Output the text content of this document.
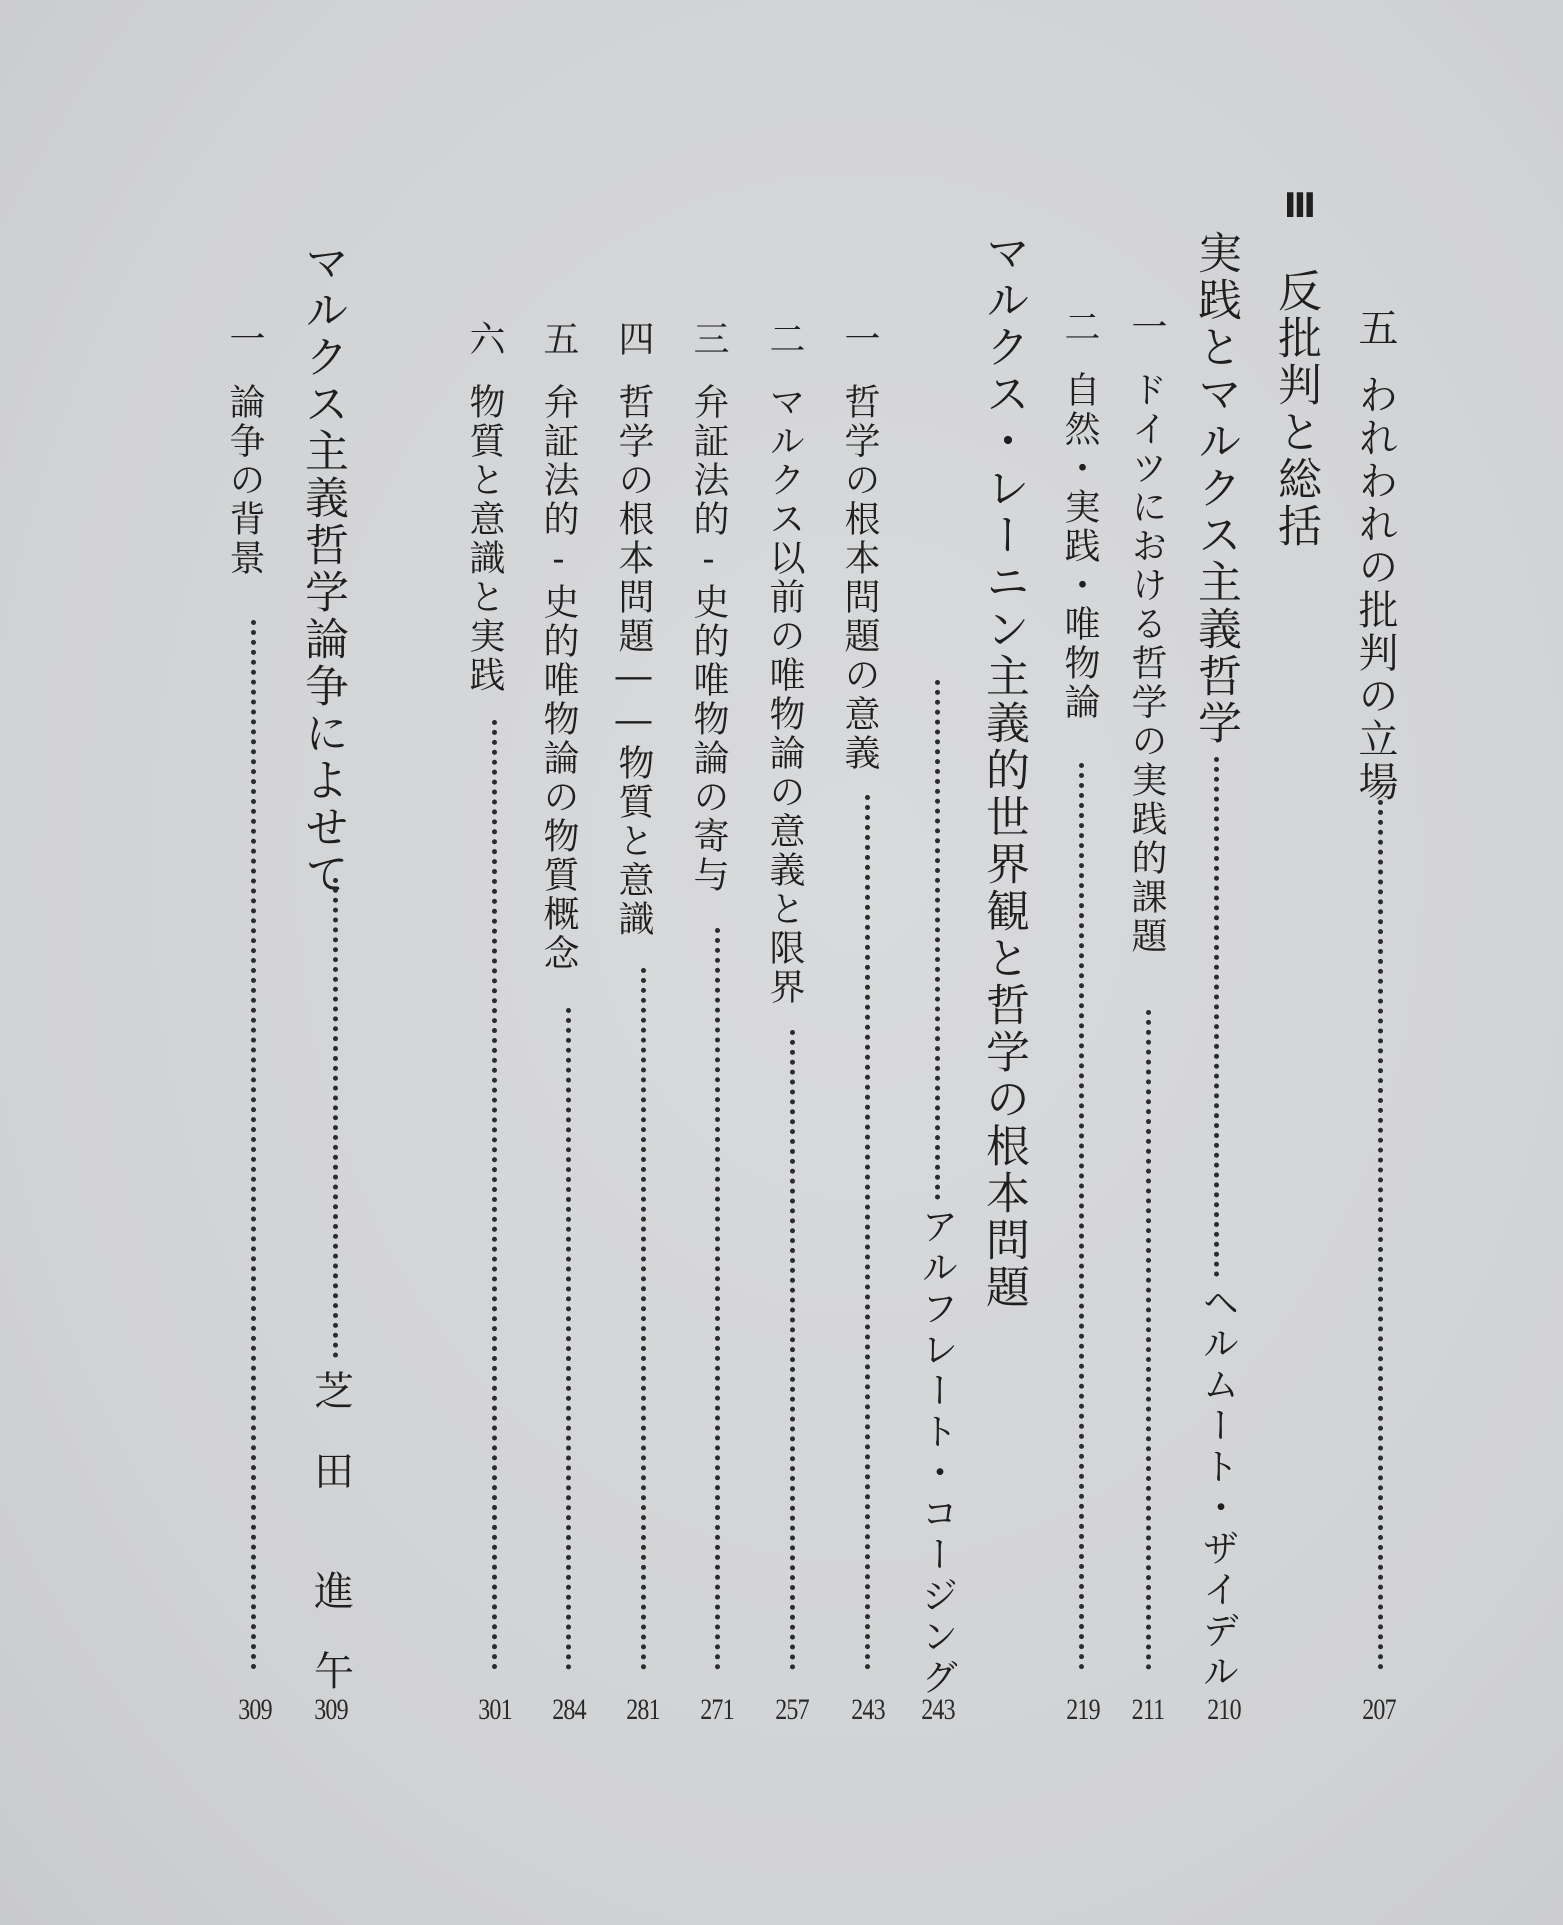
Ⅲ
五われわれの批判の立場
207
反批判と総括
実践とマルクス主義哲学
ヘルムート・ザイデル
210
一ドイツにおける哲学の実践的課題
211
二自然・実践・唯物論
219
マルクス・レーニン主義的世界観と哲学の根本問題
アルフレート・コージング
243
一哲学の根本問題の意義
243
二マルクス以前の唯物論の意義と限界
257
三弁証法的‐史的唯物論の寄与
271
四哲学の根本問題――物質と意識
281
五弁証法的‐史的唯物論の物質概念
284
六物質と意識と実践
301
マルクス主義哲学論争によせて
芝
田
進
午
309
一論争の背景
309
